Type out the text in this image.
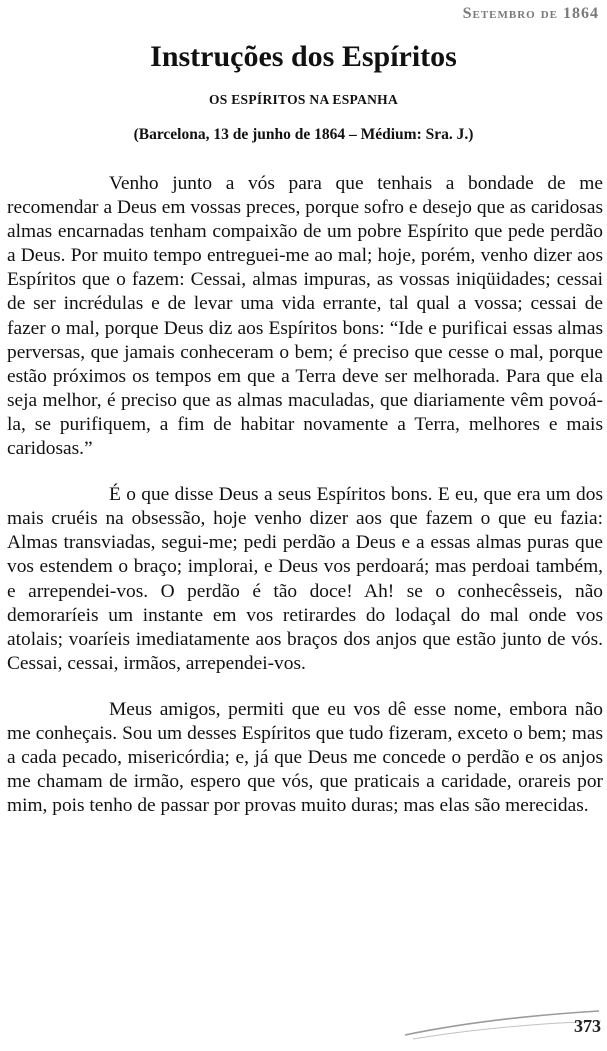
Setembro de 1864
Instruções dos Espíritos
OS ESPÍRITOS NA ESPANHA
(Barcelona, 13 de junho de 1864 – Médium: Sra. J.)

Venho junto a vós para que tenhais a bondade de me recomendar a Deus em vossas preces, porque sofro e desejo que as caridosas almas encarnadas tenham compaixão de um pobre Espírito que pede perdão a Deus. Por muito tempo entreguei-me ao mal; hoje, porém, venho dizer aos Espíritos que o fazem: Cessai, almas impuras, as vossas iniqüidades; cessai de ser incrédulas e de levar uma vida errante, tal qual a vossa; cessai de fazer o mal, porque Deus diz aos Espíritos bons: “Ide e purificai essas almas perversas, que jamais conheceram o bem; é preciso que cesse o mal, porque estão próximos os tempos em que a Terra deve ser melhorada. Para que ela seja melhor, é preciso que as almas maculadas, que diariamente vêm povoá-la, se purifiquem, a fim de habitar novamente a Terra, melhores e mais caridosas.”

É o que disse Deus a seus Espíritos bons. E eu, que era um dos mais cruéis na obsessão, hoje venho dizer aos que fazem o que eu fazia: Almas transviadas, segui-me; pedi perdão a Deus e a essas almas puras que vos estendem o braço; implorai, e Deus vos perdoará; mas perdoai também, e arrependei-vos. O perdão é tão doce! Ah! se o conhecêsseis, não demoraríeis um instante em vos retirardes do lodaçal do mal onde vos atolais; voaríeis imediatamente aos braços dos anjos que estão junto de vós. Cessai, cessai, irmãos, arrependei-vos.

Meus amigos, permiti que eu vos dê esse nome, embora não me conheçais. Sou um desses Espíritos que tudo fizeram, exceto o bem; mas a cada pecado, misericórdia; e, já que Deus me concede o perdão e os anjos me chamam de irmão, espero que vós, que praticais a caridade, orareis por mim, pois tenho de passar por provas muito duras; mas elas são merecidas.

373
